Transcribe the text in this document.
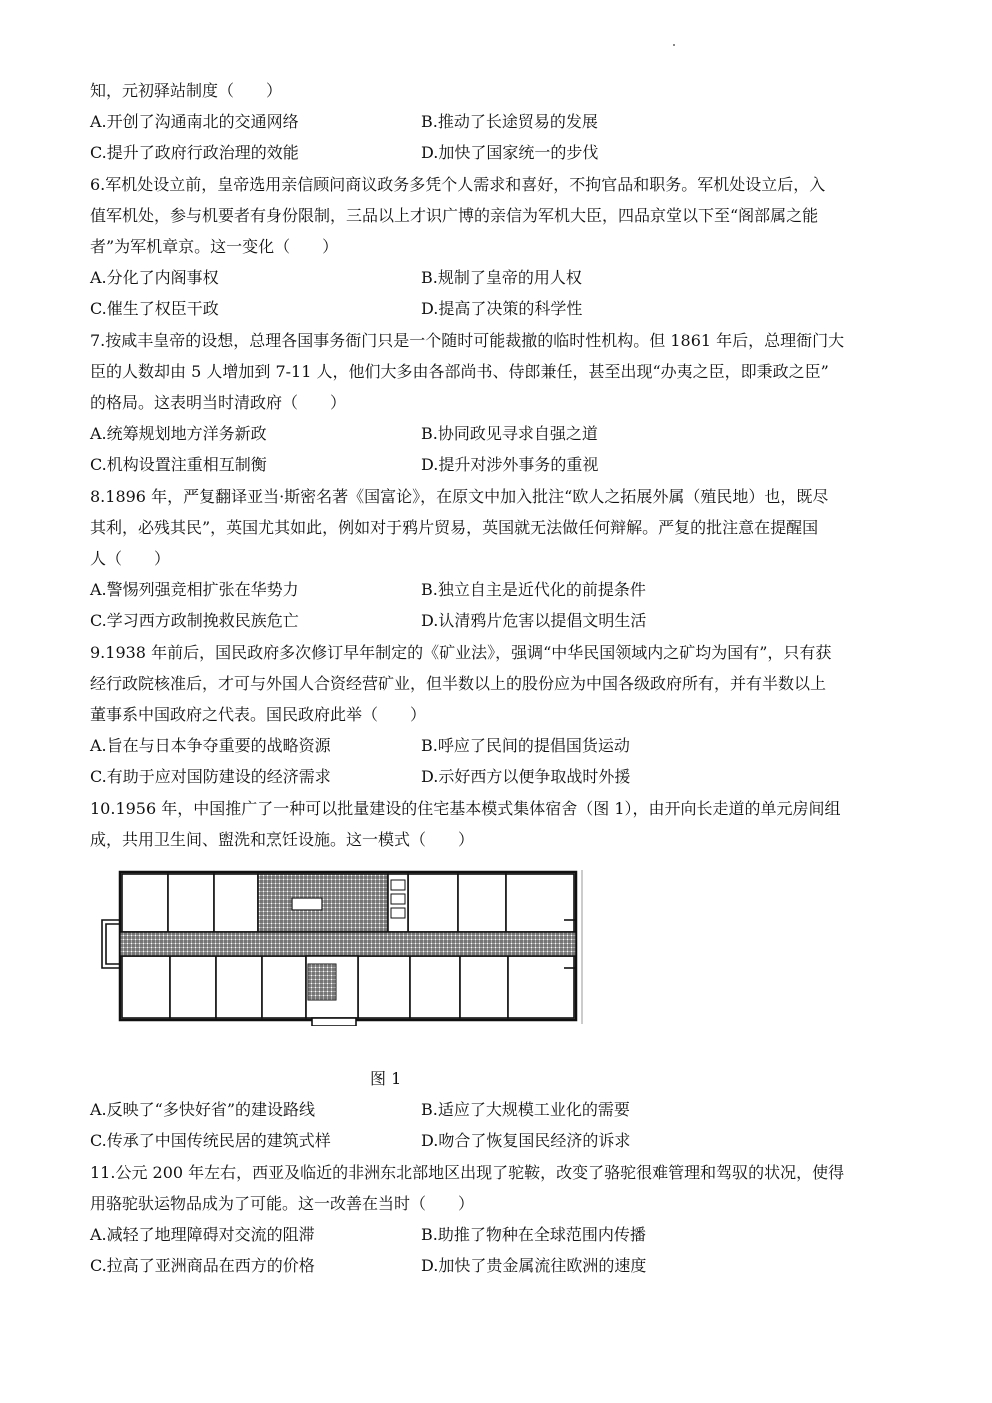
知，元初驿站制度（　　）
A.开创了沟通南北的交通网络	B.推动了长途贸易的发展
C.提升了政府行政治理的效能	D.加快了国家统一的步伐
6.军机处设立前，皇帝选用亲信顾问商议政务多凭个人需求和喜好，不拘官品和职务。军机处设立后，入
值军机处，参与机要者有身份限制，三品以上才识广博的亲信为军机大臣，四品京堂以下至“阁部属之能
者”为军机章京。这一变化（　　）
A.分化了内阁事权	B.规制了皇帝的用人权
C.催生了权臣干政	D.提高了决策的科学性
7.按咸丰皇帝的设想，总理各国事务衙门只是一个随时可能裁撤的临时性机构。但 1861 年后，总理衙门大
臣的人数却由 5 人增加到 7-11 人，他们大多由各部尚书、侍郎兼任，甚至出现“办夷之臣，即秉政之臣”
的格局。这表明当时清政府（　　）
A.统筹规划地方洋务新政	B.协同政见寻求自强之道
C.机构设置注重相互制衡	D.提升对涉外事务的重视
8.1896 年，严复翻译亚当·斯密名著《国富论》，在原文中加入批注“欧人之拓展外属（殖民地）也，既尽
其利，必残其民”，英国尤其如此，例如对于鸦片贸易，英国就无法做任何辩解。严复的批注意在提醒国
人（　　）
A.警惕列强竞相扩张在华势力	B.独立自主是近代化的前提条件
C.学习西方政制挽救民族危亡	D.认清鸦片危害以提倡文明生活
9.1938 年前后，国民政府多次修订早年制定的《矿业法》，强调“中华民国领域内之矿均为国有”，只有获
经行政院核准后，才可与外国人合资经营矿业，但半数以上的股份应为中国各级政府所有，并有半数以上
董事系中国政府之代表。国民政府此举（　　）
A.旨在与日本争夺重要的战略资源	B.呼应了民间的提倡国货运动
C.有助于应对国防建设的经济需求	D.示好西方以便争取战时外援
10.1956 年，中国推广了一种可以批量建设的住宅基本模式集体宿舍（图 1），由开向长走道的单元房间组
成，共用卫生间、盥洗和烹饪设施。这一模式（　　）
图 1
A.反映了“多快好省”的建设路线	B.适应了大规模工业化的需要
C.传承了中国传统民居的建筑式样	D.吻合了恢复国民经济的诉求
11.公元 200 年左右，西亚及临近的非洲东北部地区出现了驼鞍，改变了骆驼很难管理和驾驭的状况，使得
用骆驼驮运物品成为了可能。这一改善在当时（　　）
A.减轻了地理障碍对交流的阻滞	B.助推了物种在全球范围内传播
C.拉高了亚洲商品在西方的价格	D.加快了贵金属流往欧洲的速度
